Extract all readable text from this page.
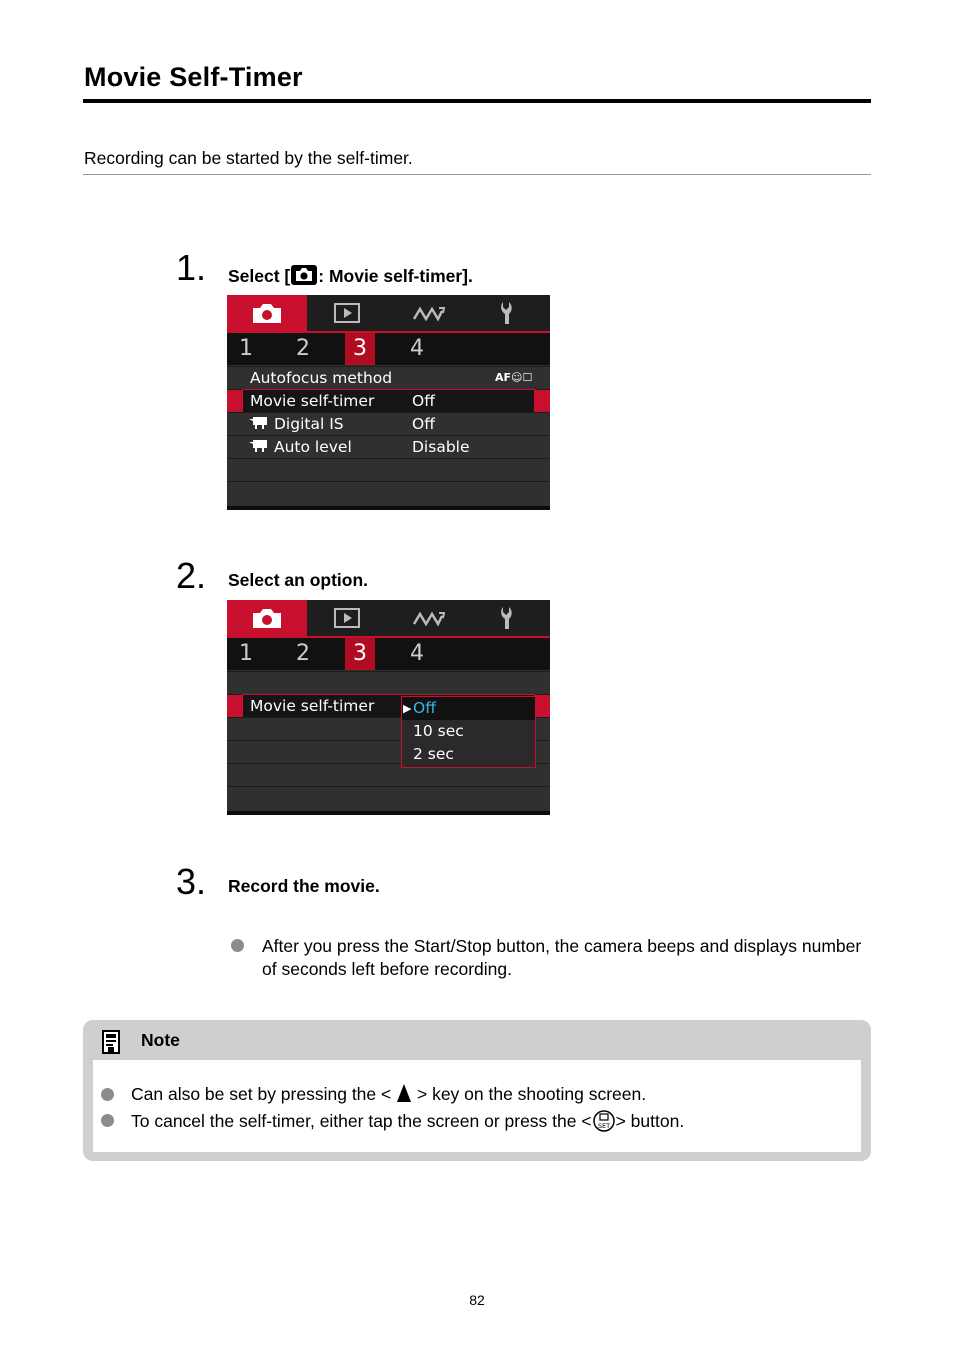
Movie Self-Timer
Recording can be started by the self-timer.
1. Select [ : Movie self-timer].
1	2	3	4
Autofocus method	AF☺☐
Movie self-timer Off
Digital IS	Off
Auto level	Disable
2. Select an option.
1	2	3	4
Movie self-timer	▶ Off
10 sec
2 sec
3. Record the movie.
After you press the Start/Stop button, the camera beeps and displays number of seconds left before recording.
Note
Can also be set by pressing the < > key on the shooting screen.
To cancel the self-timer, either tap the screen or press the < SET > button.
82
